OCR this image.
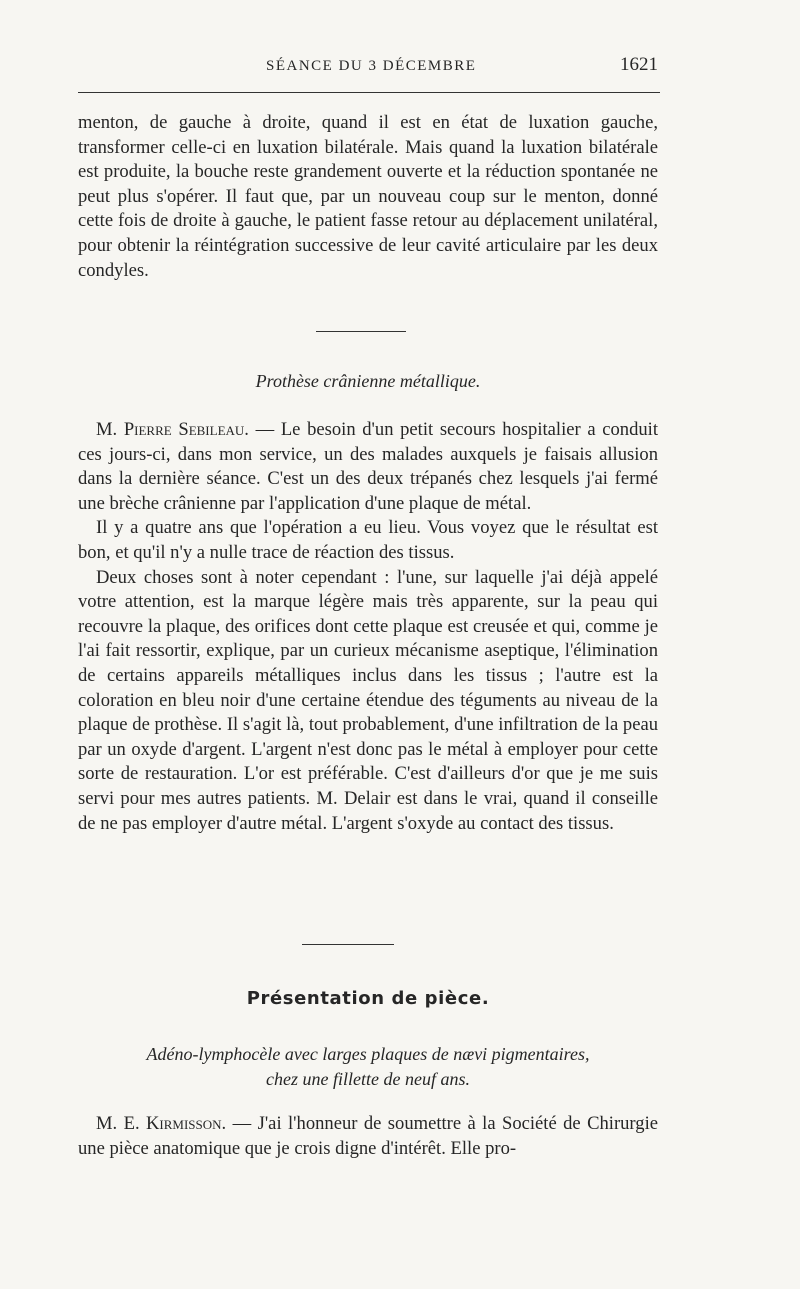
SÉANCE DU 3 DÉCEMBRE	1621

menton, de gauche à droite, quand il est en état de luxation gauche, transformer celle-ci en luxation bilatérale. Mais quand la luxation bilatérale est produite, la bouche reste grandement ouverte et la réduction spontanée ne peut plus s'opérer. Il faut que, par un nouveau coup sur le menton, donné cette fois de droite à gauche, le patient fasse retour au déplacement unilatéral, pour obtenir la réintégration successive de leur cavité articulaire par les deux condyles.

Prothèse crânienne métallique.

M. Pierre Sebileau. — Le besoin d'un petit secours hospitalier a conduit ces jours-ci, dans mon service, un des malades auxquels je faisais allusion dans la dernière séance. C'est un des deux trépanés chez lesquels j'ai fermé une brèche crânienne par l'application d'une plaque de métal.

Il y a quatre ans que l'opération a eu lieu. Vous voyez que le résultat est bon, et qu'il n'y a nulle trace de réaction des tissus.

Deux choses sont à noter cependant : l'une, sur laquelle j'ai déjà appelé votre attention, est la marque légère mais très apparente, sur la peau qui recouvre la plaque, des orifices dont cette plaque est creusée et qui, comme je l'ai fait ressortir, explique, par un curieux mécanisme aseptique, l'élimination de certains appareils métalliques inclus dans les tissus ; l'autre est la coloration en bleu noir d'une certaine étendue des téguments au niveau de la plaque de prothèse. Il s'agit là, tout probablement, d'une infiltration de la peau par un oxyde d'argent. L'argent n'est donc pas le métal à employer pour cette sorte de restauration. L'or est préférable. C'est d'ailleurs d'or que je me suis servi pour mes autres patients. M. Delair est dans le vrai, quand il conseille de ne pas employer d'autre métal. L'argent s'oxyde au contact des tissus.

Présentation de pièce.
Adéno-lymphocèle avec larges plaques de nævi pigmentaires,
chez une fillette de neuf ans.

M. E. Kirmisson. — J'ai l'honneur de soumettre à la Société de Chirurgie une pièce anatomique que je crois digne d'intérêt. Elle pro-
